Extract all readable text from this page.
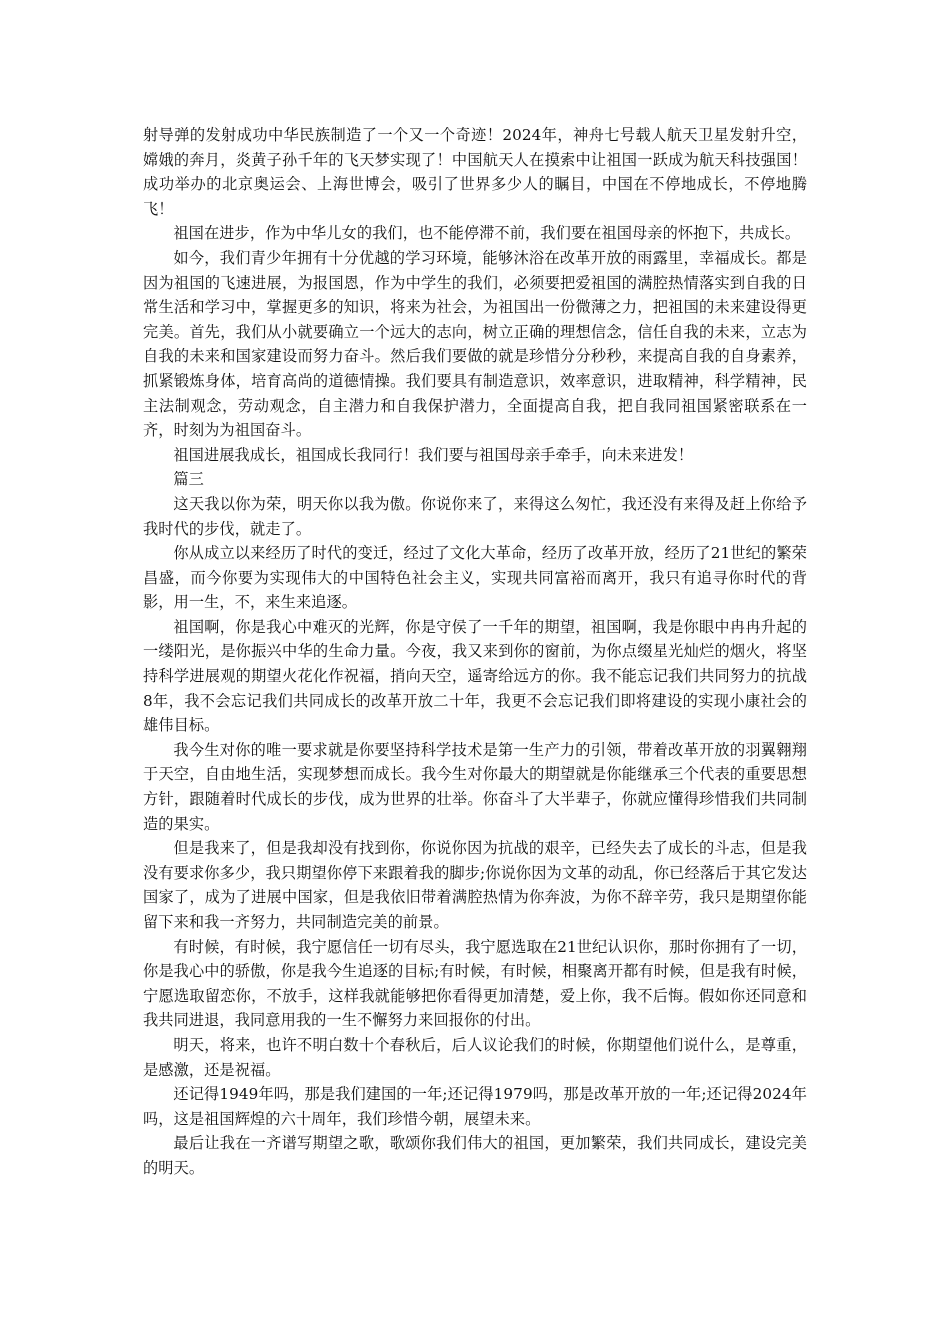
射导弹的发射成功中华民族制造了一个又一个奇迹！2024年，神舟七号载人航天卫星发射升空，嫦娥的奔月，炎黄子孙千年的飞天梦实现了！中国航天人在摸索中让祖国一跃成为航天科技强国！成功举办的北京奥运会、上海世博会，吸引了世界多少人的瞩目，中国在不停地成长，不停地腾飞！

祖国在进步，作为中华儿女的我们，也不能停滞不前，我们要在祖国母亲的怀抱下，共成长。

如今，我们青少年拥有十分优越的学习环境，能够沐浴在改革开放的雨露里，幸福成长。都是因为祖国的飞速进展，为报国恩，作为中学生的我们，必须要把爱祖国的满腔热情落实到自我的日常生活和学习中，掌握更多的知识，将来为社会，为祖国出一份微薄之力，把祖国的未来建设得更完美。首先，我们从小就要确立一个远大的志向，树立正确的理想信念，信任自我的未来，立志为自我的未来和国家建设而努力奋斗。然后我们要做的就是珍惜分分秒秒，来提高自我的自身素养，抓紧锻炼身体，培育高尚的道德情操。我们要具有制造意识，效率意识，进取精神，科学精神，民主法制观念，劳动观念，自主潜力和自我保护潜力，全面提高自我，把自我同祖国紧密联系在一齐，时刻为为祖国奋斗。

祖国进展我成长，祖国成长我同行！我们要与祖国母亲手牵手，向未来进发！

篇三

这天我以你为荣，明天你以我为傲。你说你来了，来得这么匆忙，我还没有来得及赶上你给予我时代的步伐，就走了。

你从成立以来经历了时代的变迁，经过了文化大革命，经历了改革开放，经历了21世纪的繁荣昌盛，而今你要为实现伟大的中国特色社会主义，实现共同富裕而离开，我只有追寻你时代的背影，用一生，不，来生来追逐。

祖国啊，你是我心中难灭的光辉，你是守侯了一千年的期望，祖国啊，我是你眼中冉冉升起的一缕阳光，是你振兴中华的生命力量。今夜，我又来到你的窗前，为你点缀星光灿烂的烟火，将坚持科学进展观的期望火花化作祝福，捎向天空，遥寄给远方的你。我不能忘记我们共同努力的抗战8年，我不会忘记我们共同成长的改革开放二十年，我更不会忘记我们即将建设的实现小康社会的雄伟目标。

我今生对你的唯一要求就是你要坚持科学技术是第一生产力的引领，带着改革开放的羽翼翱翔于天空，自由地生活，实现梦想而成长。我今生对你最大的期望就是你能继承三个代表的重要思想方针，跟随着时代成长的步伐，成为世界的壮举。你奋斗了大半辈子，你就应懂得珍惜我们共同制造的果实。

但是我来了，但是我却没有找到你，你说你因为抗战的艰辛，已经失去了成长的斗志，但是我没有要求你多少，我只期望你停下来跟着我的脚步;你说你因为文革的动乱，你已经落后于其它发达国家了，成为了进展中国家，但是我依旧带着满腔热情为你奔波，为你不辞辛劳，我只是期望你能留下来和我一齐努力，共同制造完美的前景。

有时候，有时候，我宁愿信任一切有尽头，我宁愿选取在21世纪认识你，那时你拥有了一切，你是我心中的骄傲，你是我今生追逐的目标;有时候，有时候，相聚离开都有时候，但是我有时候，宁愿选取留恋你，不放手，这样我就能够把你看得更加清楚，爱上你，我不后悔。假如你还同意和我共同进退，我同意用我的一生不懈努力来回报你的付出。

明天，将来，也许不明白数十个春秋后，后人议论我们的时候，你期望他们说什么，是尊重，是感激，还是祝福。

还记得1949年吗，那是我们建国的一年;还记得1979吗，那是改革开放的一年;还记得2024年吗，这是祖国辉煌的六十周年，我们珍惜今朝，展望未来。

最后让我在一齐谱写期望之歌，歌颂你我们伟大的祖国，更加繁荣，我们共同成长，建设完美的明天。
